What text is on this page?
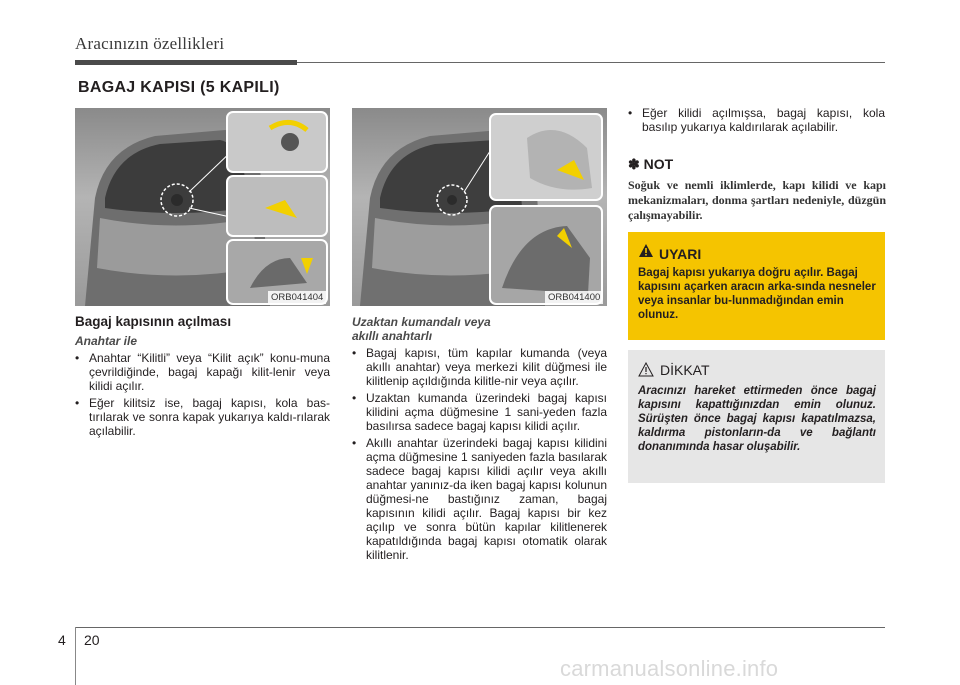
Aracınızın özellikleri
BAGAJ KAPISI (5 KAPILI)
ORB041404	ORB041400
Bagaj kapısının açılması
Anahtar ile
• Anahtar “Kilitli” veya “Kilit açık” konu-muna çevrildiğinde, bagaj kapağı kilit-lenir veya kilidi açılır.
• Eğer kilitsiz ise, bagaj kapısı, kola bas-tırılarak ve sonra kapak yukarıya kaldı-rılarak açılabilir.
Uzaktan kumandalı veya
akıllı anahtarlı
• Bagaj kapısı, tüm kapılar kumanda (veya akıllı anahtar) veya merkezi kilit düğmesi ile kilitlenip açıldığında kilitle-nir veya açılır.
• Uzaktan kumanda üzerindeki bagaj kapısı kilidini açma düğmesine 1 sani-yeden fazla basılırsa sadece bagaj kapısı kilidi açılır.
• Akıllı anahtar üzerindeki bagaj kapısı kilidini açma düğmesine 1 saniyeden fazla basılarak sadece bagaj kapısı kilidi açılır veya akıllı anahtar yanınız-da iken bagaj kapısı kolunun düğmesi-ne bastığınız zaman, bagaj kapısının kilidi açılır. Bagaj kapısı bir kez açılıp ve sonra bütün kapılar kilitlenerek kapatıldığında bagaj kapısı otomatik olarak kilitlenir.
• Eğer kilidi açılmışsa, bagaj kapısı, kola basılıp yukarıya kaldırılarak açılabilir.
✽ NOT
Soğuk ve nemli iklimlerde, kapı kilidi ve kapı mekanizmaları, donma şartları nedeniyle, düzgün çalışmayabilir.
UYARI
Bagaj kapısı yukarıya doğru açılır. Bagaj kapısını açarken aracın arka-sında nesneler veya insanlar bu-lunmadığından emin olunuz.
DİKKAT
Aracınızı hareket ettirmeden önce bagaj kapısını kapattığınızdan emin olunuz. Sürüşten önce bagaj kapısı kapatılmazsa, kaldırma pistonların-da ve bağlantı donanımında hasar oluşabilir.
4 20
carmanualsonline.info
